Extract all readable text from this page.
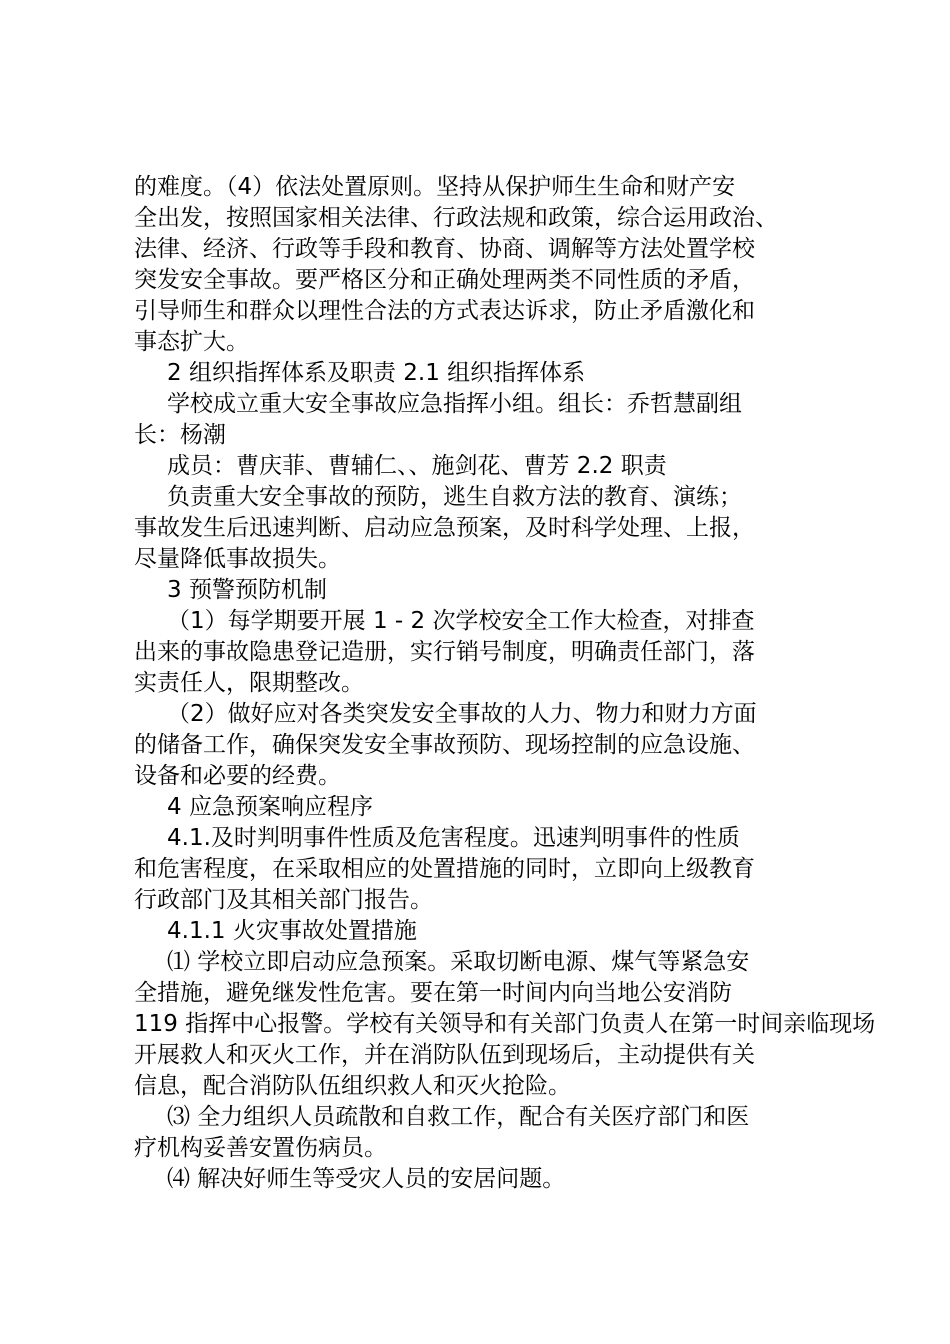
的难度。（4）依法处置原则。坚持从保护师生生命和财产安
全出发，按照国家相关法律、行政法规和政策，综合运用政治、
法律、经济、行政等手段和教育、协商、调解等方法处置学校
突发安全事故。要严格区分和正确处理两类不同性质的矛盾，
引导师生和群众以理性合法的方式表达诉求，防止矛盾激化和
事态扩大。
2 组织指挥体系及职责 2.1 组织指挥体系
学校成立重大安全事故应急指挥小组。组长：乔哲慧副组
长：杨潮
成员：曹庆菲、曹辅仁、、施剑花、曹芳 2.2 职责
负责重大安全事故的预防，逃生自救方法的教育、演练；
事故发生后迅速判断、启动应急预案，及时科学处理、上报，
尽量降低事故损失。
3 预警预防机制
（1）每学期要开展 1 - 2 次学校安全工作大检查，对排查
出来的事故隐患登记造册，实行销号制度，明确责任部门，落
实责任人，限期整改。
（2）做好应对各类突发安全事故的人力、物力和财力方面
的储备工作，确保突发安全事故预防、现场控制的应急设施、
设备和必要的经费。
4 应急预案响应程序
4.1.及时判明事件性质及危害程度。迅速判明事件的性质
和危害程度，在采取相应的处置措施的同时，立即向上级教育
行政部门及其相关部门报告。
4.1.1 火灾事故处置措施
⑴ 学校立即启动应急预案。采取切断电源、煤气等紧急安
全措施，避免继发性危害。要在第一时间内向当地公安消防
119 指挥中心报警。学校有关领导和有关部门负责人在第一时间亲临现场
开展救人和灭火工作，并在消防队伍到现场后，主动提供有关
信息，配合消防队伍组织救人和灭火抢险。
⑶ 全力组织人员疏散和自救工作，配合有关医疗部门和医
疗机构妥善安置伤病员。
⑷ 解决好师生等受灾人员的安居问题。
